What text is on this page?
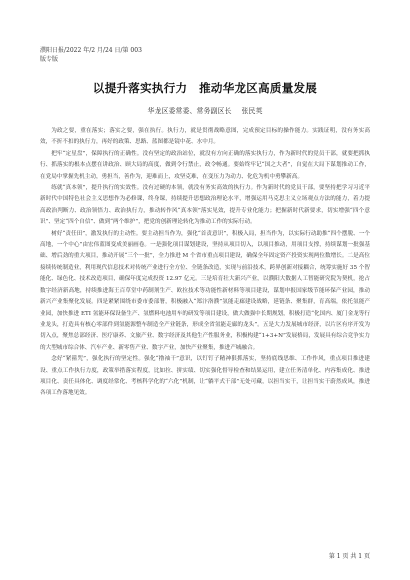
濮阳日报/2022 年/2 月/24 日/第 003
版专版
以提升落实执行力　推动华龙区高质量发展
华龙区委常委、常务副区长 张民英

为政之要，重在落实；落实之要，强在执行。执行力，就是贯彻战略意图，完成预定目标的操作能力。实践证明，没有务实高效，不折不扣的执行力，再好的政策、思路、蓝图都是镜中花、水中月。

把牢“定星盘”，保障执行的正确性。没有坚定的政治站位，就没有方向正确的落实执行力，作为新时代的党员干部，就要把抓执行、抓落实的根本点摆在讲政治、顾大局的高度，做到令行禁止，政令畅通。要始终牢记“国之大者”，自觉在大局下谋划推动工作，在党局中掌握先机主动，勇担当，善作为，迎难而上，攻坚克难，在变压力为动力、化危为机中勇攀新高。

练就“真本领”，提升执行的实效性。没有过硬的本领，就没有务实高效的执行力。作为新时代的党员干部，要坚持把学习习近平新时代中国特色社会主义思想作为必修课，终身课，持续提升思想政治理论水平，增强运用马克思主义立场观点方法的能力，着力提高政治判断力、政治领悟力、政治执行力，推动转作风“真本领”落实见效，提升专业化能力；把握新时代新要求，切实增强“四个意识”、坚定“四个自信”、做到“两个维护”，把党的创新理论转化为推动工作的实际行动。

树好“责任田”，激发执行的主动性。要主动担当作为，强化“首责意识”，积极入局，担当作为，以实际行动助推“四个摆脱、一个高地，一个中心”由宏伟蓝图变成美丽画卷。一是强化项目谋划建设，坚持从项目切入，以项目推动，用项目支撑，持续谋划一批强基础、增后劲的重大项目，推动开展“三个一批”，全力推进 M 个省市重点项目建设，确保全年固定资产投资实现两位数增长。二是高位接续传统制造业，利用现代信息技术对传统产业进行全方位、全链条改造，实现与前沿技术，跨界创新对接耦合，统筹实施好 35 个智能化、绿色化、技术改造项目，确保年度完成投资 12.97 亿元。三是培育壮大新兴产业，以濮阳大数据人工智能研究院为契机，抢占数字经济新高地，持续推进海王百草堂中药制剂生产、欧拉技术等功能性新材料等项目建设，谋划申报国家级节能环保产业园，推动新兴产业集聚化发展。四是紧紧围绕市委市委部署，积极融入“郑汴洛濮”氢能走廊建设战略，延链条、聚集群，育高端，依托氢能产业园，加快推进 ETI 氢能环保设备生产、氢燃料电池用车的研发等项目建设，做大做强中长期规划，积极打造“化国内、厦门金龙等行业龙头，打造具有核心零部件到氢能源整车制造全产业链条，形成全省氢能走廊的龙头”。五是大力发展城市经济，以片区有序开发为切入点，聚焦总部经济、医疗康养、文旅产业、数字经济及其他生产性服务业，积极构建“1+3+N”发展格局，发展具有综合竞争实力的大型城市综合体、汽车产业、新零售产业、数字产业，加快产业聚集，推进产城融合。

念好“紧箍咒”，强化执行的坚定性。强化“撸袖干”意识，以钉钉子精神狠抓落实，坚持底线思维、工作作风，重点项目推进建设、重点工作执行力度，政策举措落实程度，比如拉、拼实绩、切实强化督导检查和结果运用，建立任务清单化、内容集成化、推进项目化、责任具体化、调度经常化、考核科学化的“六化”机制，让“躺平式干部”无处可藏，以担当实干，让担当实干蔚然成风，推进各项工作落地见效。

第 1 页 共 1 页
